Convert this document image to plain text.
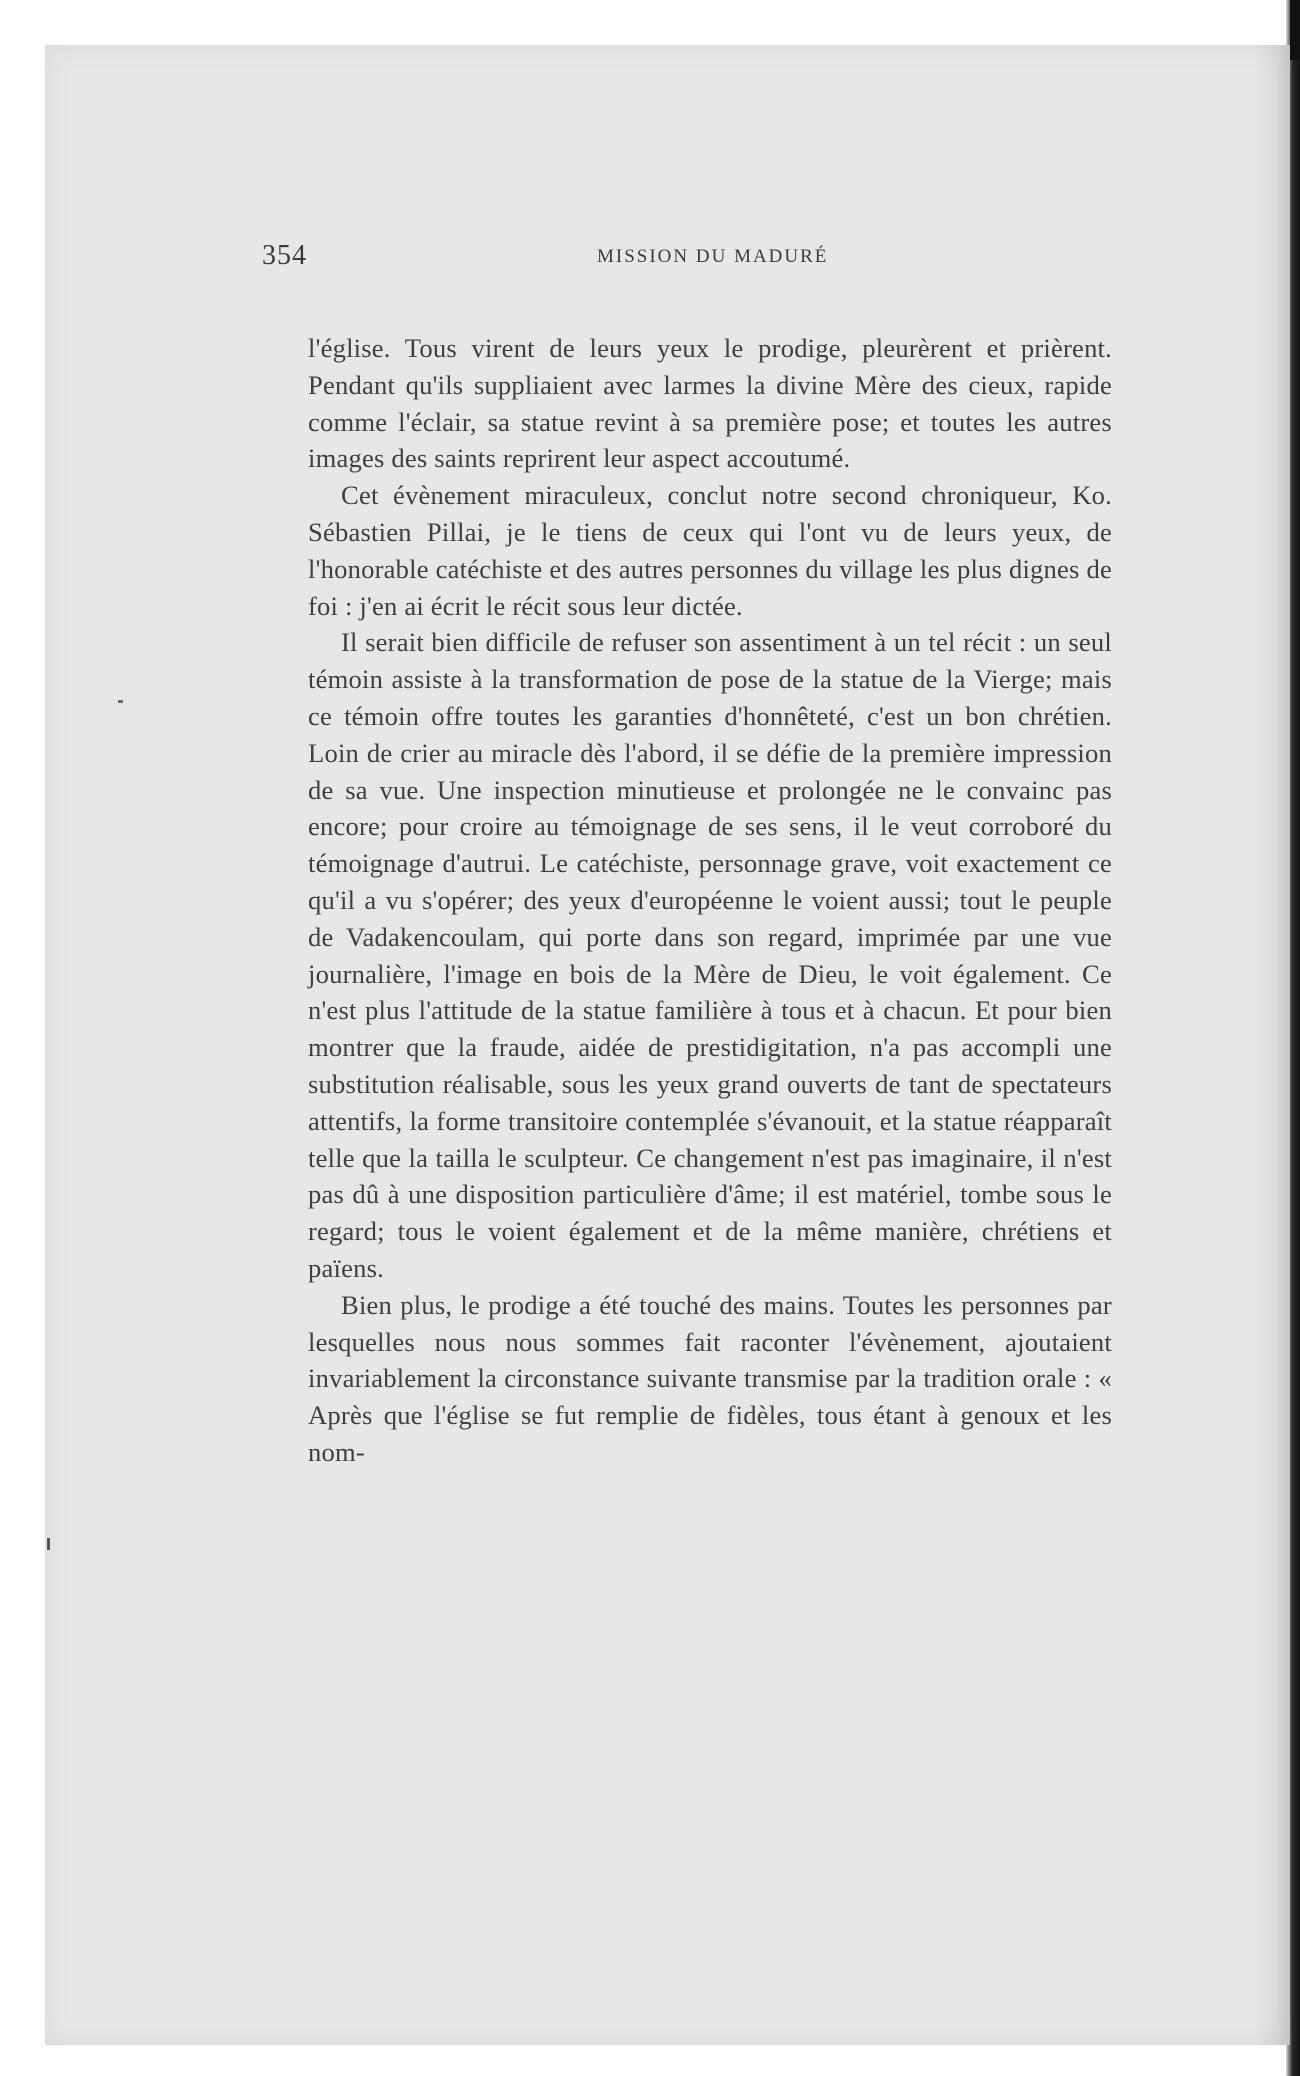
354	MISSION DU MADURÉ

l'église. Tous virent de leurs yeux le prodige, pleurèrent et prièrent. Pendant qu'ils suppliaient avec larmes la divine Mère des cieux, rapide comme l'éclair, sa statue revint à sa première pose; et toutes les autres images des saints reprirent leur aspect accoutumé.

Cet évènement miraculeux, conclut notre second chroniqueur, Ko. Sébastien Pillai, je le tiens de ceux qui l'ont vu de leurs yeux, de l'honorable catéchiste et des autres personnes du village les plus dignes de foi : j'en ai écrit le récit sous leur dictée.

Il serait bien difficile de refuser son assentiment à un tel récit : un seul témoin assiste à la transformation de pose de la statue de la Vierge; mais ce témoin offre toutes les garanties d'honnêteté, c'est un bon chrétien. Loin de crier au miracle dès l'abord, il se défie de la première impression de sa vue. Une inspection minutieuse et prolongée ne le convainc pas encore; pour croire au témoignage de ses sens, il le veut corroboré du témoignage d'autrui. Le catéchiste, personnage grave, voit exactement ce qu'il a vu s'opérer; des yeux d'européenne le voient aussi; tout le peuple de Vadakencoulam, qui porte dans son regard, imprimée par une vue journalière, l'image en bois de la Mère de Dieu, le voit également. Ce n'est plus l'attitude de la statue familière à tous et à chacun. Et pour bien montrer que la fraude, aidée de prestidigitation, n'a pas accompli une substitution réalisable, sous les yeux grand ouverts de tant de spectateurs attentifs, la forme transitoire contemplée s'évanouit, et la statue réapparaît telle que la tailla le sculpteur. Ce changement n'est pas imaginaire, il n'est pas dû à une disposition particulière d'âme; il est matériel, tombe sous le regard; tous le voient également et de la même manière, chrétiens et païens.

Bien plus, le prodige a été touché des mains. Toutes les personnes par lesquelles nous nous sommes fait raconter l'évènement, ajoutaient invariablement la circonstance suivante transmise par la tradition orale : « Après que l'église se fut remplie de fidèles, tous étant à genoux et les nom-
